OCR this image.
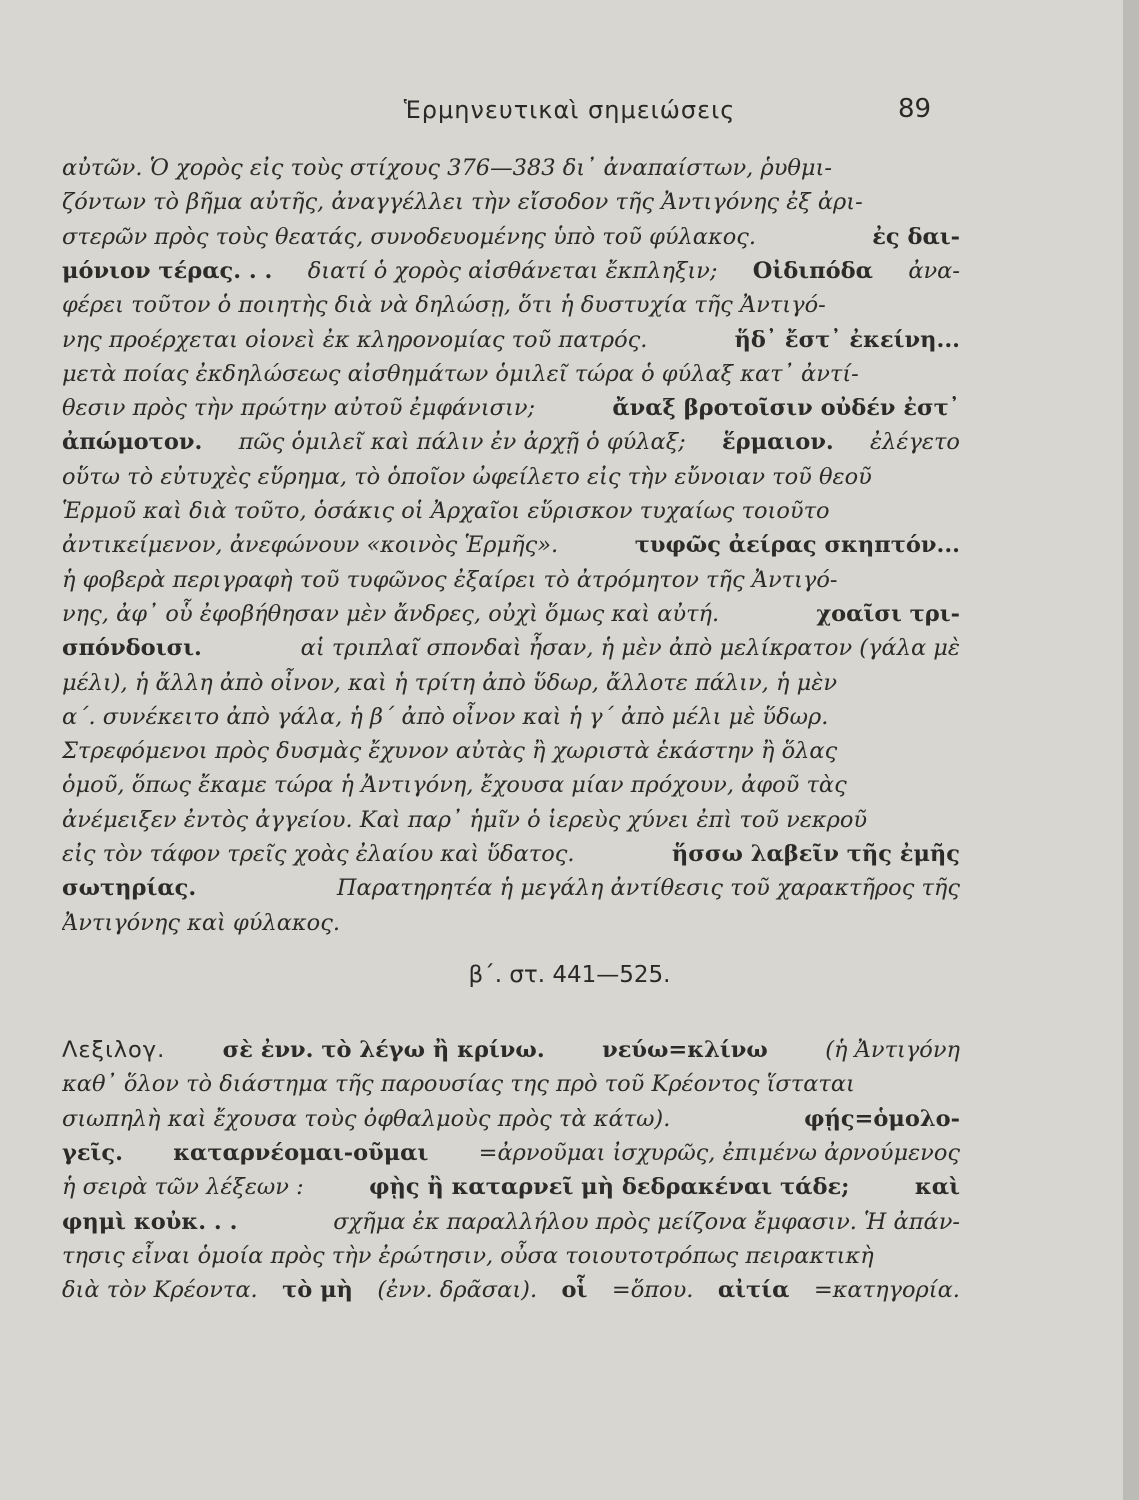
Ἑρμηνευτικαὶ σημειώσεις	89
αὐτῶν. Ὁ χορὸς εἰς τοὺς στίχους 376—383 δι᾽ ἀναπαίστων, ῥυθμι-
ζόντων τὸ βῆμα αὐτῆς, ἀναγγέλλει τὴν εἴσοδον τῆς Ἀντιγόνης ἐξ ἀρι-
στερῶν πρὸς τοὺς θεατάς, συνοδευομένης ὑπὸ τοῦ φύλακος.	ἐς δαι-
μόνιον τέρας. . . διατί ὁ χορὸς αἰσθάνεται ἔκπληξιν; Οἰδιπόδα ἀνα-
φέρει τοῦτον ὁ ποιητὴς διὰ νὰ δηλώσῃ, ὅτι ἡ δυστυχία τῆς Ἀντιγό-
νης προέρχεται οἱονεὶ ἐκ κληρονομίας τοῦ πατρός.	ἥδ᾽ ἔστ᾽ ἐκείνη...
μετὰ ποίας ἐκδηλώσεως αἰσθημάτων ὁμιλεῖ τώρα ὁ φύλαξ κατ᾽ ἀντί-
θεσιν πρὸς τὴν πρώτην αὐτοῦ ἐμφάνισιν;	ἄναξ βροτοῖσιν οὐδέν ἐστ᾽
ἀπώμοτον. πῶς ὁμιλεῖ καὶ πάλιν ἐν ἀρχῇ ὁ φύλαξ; ἕρμαιον. ἐλέγετο
οὕτω τὸ εὐτυχὲς εὕρημα, τὸ ὁποῖον ὠφείλετο εἰς τὴν εὔνοιαν τοῦ θεοῦ
Ἑρμοῦ καὶ διὰ τοῦτο, ὁσάκις οἱ Ἀρχαῖοι εὕρισκον τυχαίως τοιοῦτο
ἀντικείμενον, ἀνεφώνουν «κοινὸς Ἑρμῆς».	τυφῶς ἀείρας σκηπτόν...
ἡ φοβερὰ περιγραφὴ τοῦ τυφῶνος ἐξαίρει τὸ ἀτρόμητον τῆς Ἀντιγό-
νης, ἀφ᾽ οὗ ἐφοβήθησαν μὲν ἄνδρες, οὐχὶ ὅμως καὶ αὐτή.	χοαῖσι τρι-
σπόνδοισι.	αἱ τριπλαῖ σπονδαὶ ἦσαν, ἡ μὲν ἀπὸ μελίκρατον (γάλα μὲ
μέλι), ἡ ἄλλη ἀπὸ οἶνον, καὶ ἡ τρίτη ἀπὸ ὕδωρ, ἄλλοτε πάλιν, ἡ μὲν
α΄. συνέκειτο ἀπὸ γάλα, ἡ β΄ ἀπὸ οἶνον καὶ ἡ γ΄ ἀπὸ μέλι μὲ ὕδωρ.
Στρεφόμενοι πρὸς δυσμὰς ἔχυνον αὐτὰς ἢ χωριστὰ ἑκάστην ἢ ὅλας
ὁμοῦ, ὅπως ἔκαμε τώρα ἡ Ἀντιγόνη, ἔχουσα μίαν πρόχουν, ἀφοῦ τὰς
ἀνέμειξεν ἐντὸς ἀγγείου. Καὶ παρ᾽ ἡμῖν ὁ ἱερεὺς χύνει ἐπὶ τοῦ νεκροῦ
εἰς τὸν τάφον τρεῖς χοὰς ἐλαίου καὶ ὕδατος.	ἥσσω λαβεῖν τῆς ἐμῆς
σωτηρίας.	Παρατηρητέα ἡ μεγάλη ἀντίθεσις τοῦ χαρακτῆρος τῆς
Ἀντιγόνης καὶ φύλακος.
β΄. στ. 441—525.
Λεξιλογ.	σὲ ἐνν. τὸ λέγω ἢ κρίνω.	νεύω=κλίνω	(ἡ Ἀντιγόνη
καθ᾽ ὅλον τὸ διάστημα τῆς παρουσίας της πρὸ τοῦ Κρέοντος ἵσταται
σιωπηλὴ καὶ ἔχουσα τοὺς ὀφθαλμοὺς πρὸς τὰ κάτω).	φῄς=ὁμολο-
γεῖς. καταρνέομαι-οῦμαι =ἀρνοῦμαι ἰσχυρῶς, ἐπιμένω ἀρνούμενος
ἡ σειρὰ τῶν λέξεων :	φῂς ἢ καταρνεῖ μὴ δεδρακέναι τάδε;	καὶ
φημὶ κοὐκ. . .	σχῆμα ἐκ παραλλήλου πρὸς μείζονα ἔμφασιν. Ἡ ἀπάν-
τησις εἶναι ὁμοία πρὸς τὴν ἐρώτησιν, οὖσα τοιουτοτρόπως πειρακτικὴ
διὰ τὸν Κρέοντα. τὸ μὴ (ἐνν. δρᾶσαι). οἷ =ὅπου. αἰτία =κατηγορία.
